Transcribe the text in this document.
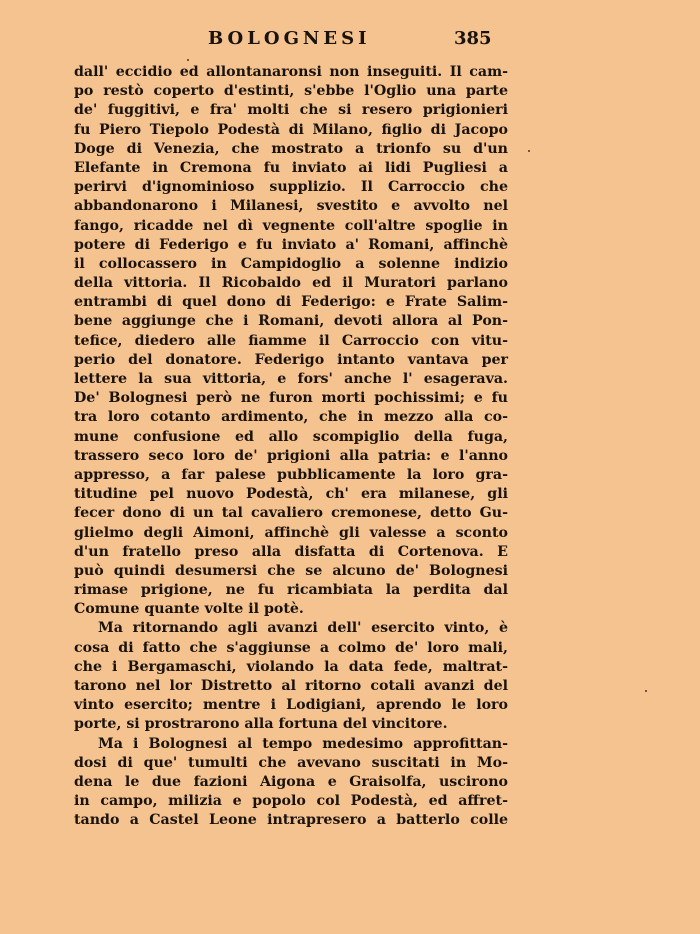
BOLOGNESI	385
dall' eccidio ed allontanaronsi non inseguiti. Il cam-
po restò coperto d'estinti, s'ebbe l'Oglio una parte
de' fuggitivi, e fra' molti che si resero prigionieri
fu Piero Tiepolo Podestà di Milano, figlio di Jacopo
Doge di Venezia, che mostrato a trionfo su d'un
Elefante in Cremona fu inviato ai lidi Pugliesi a
perirvi d'ignominioso supplizio. Il Carroccio che
abbandonarono i Milanesi, svestito e avvolto nel
fango, ricadde nel dì vegnente coll'altre spoglie in
potere di Federigo e fu inviato a' Romani, affinchè
il collocassero in Campidoglio a solenne indizio
della vittoria. Il Ricobaldo ed il Muratori parlano
entrambi di quel dono di Federigo: e Frate Salim-
bene aggiunge che i Romani, devoti allora al Pon-
tefice, diedero alle fiamme il Carroccio con vitu-
perio del donatore. Federigo intanto vantava per
lettere la sua vittoria, e fors' anche l' esagerava.
De' Bolognesi però ne furon morti pochissimi; e fu
tra loro cotanto ardimento, che in mezzo alla co-
mune confusione ed allo scompiglio della fuga,
trassero seco loro de' prigioni alla patria: e l'anno
appresso, a far palese pubblicamente la loro gra-
titudine pel nuovo Podestà, ch' era milanese, gli
fecer dono di un tal cavaliero cremonese, detto Gu-
glielmo degli Aimoni, affinchè gli valesse a sconto
d'un fratello preso alla disfatta di Cortenova. E
può quindi desumersi che se alcuno de' Bolognesi
rimase prigione, ne fu ricambiata la perdita dal
Comune quante volte il potè.
Ma ritornando agli avanzi dell' esercito vinto, è
cosa di fatto che s'aggiunse a colmo de' loro mali,
che i Bergamaschi, violando la data fede, maltrat-
tarono nel lor Distretto al ritorno cotali avanzi del
vinto esercito; mentre i Lodigiani, aprendo le loro
porte, si prostrarono alla fortuna del vincitore.
Ma i Bolognesi al tempo medesimo approfittan-
dosi di que' tumulti che avevano suscitati in Mo-
dena le due fazioni Aigona e Graisolfa, uscirono
in campo, milizia e popolo col Podestà, ed affret-
tando a Castel Leone intrapresero a batterlo colle
